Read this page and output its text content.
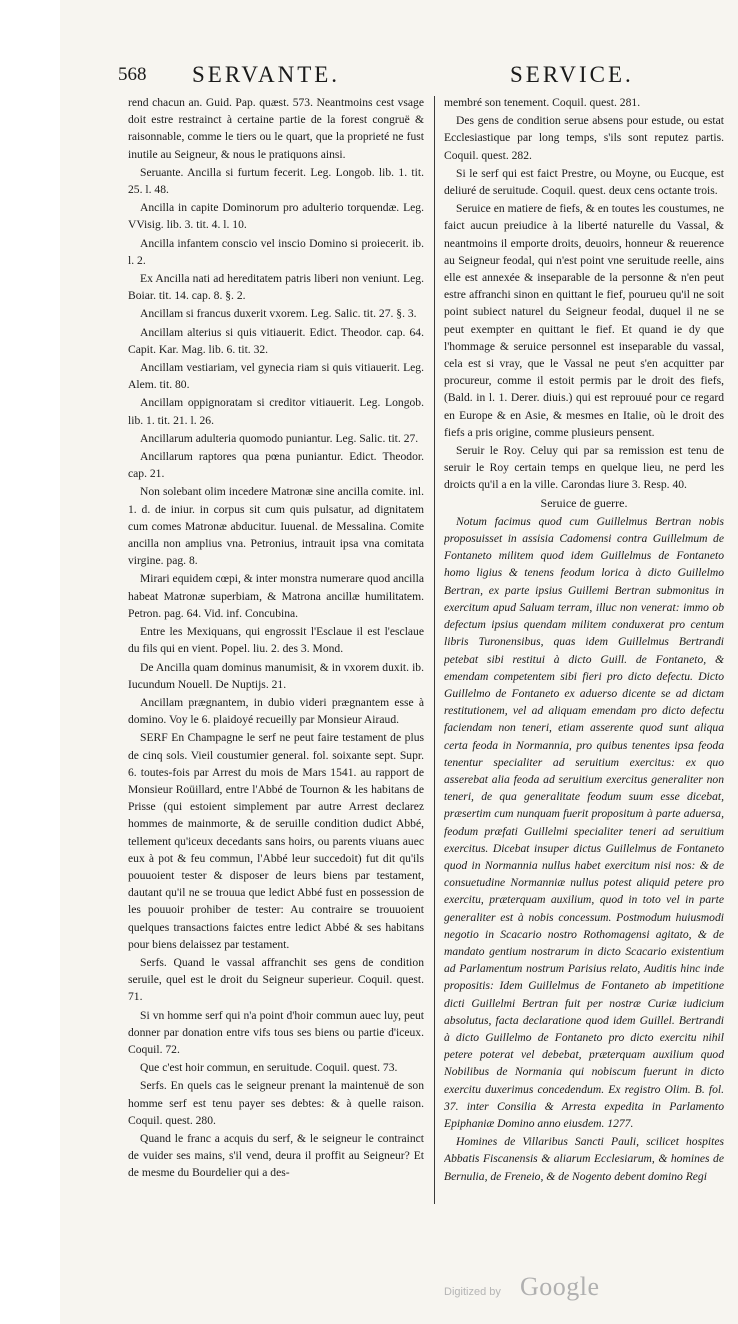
568 SERVANTE.	SERVICE.

rend chacun an. Guid. Pap. quæst. 573. Neantmoins cest vsage doit estre restrainct à certaine partie de la forest congruë & raisonnable, comme le tiers ou le quart, que la proprieté ne fust inutile au Seigneur, & nous le pratiquons ainsi.

Seruante. Ancilla si furtum fecerit. Leg. Longob. lib. 1. tit. 25. l. 48.

Ancilla in capite Dominorum pro adulterio torquendæ. Leg. VVisig. lib. 3. tit. 4. l. 10.

Ancilla infantem conscio vel inscio Domino si proiecerit. ib. l. 2.

Ex Ancilla nati ad hereditatem patris liberi non veniunt. Leg. Boiar. tit. 14. cap. 8. §. 2.

Ancillam si francus duxerit vxorem. Leg. Salic. tit. 27. §. 3.

Ancillam alterius si quis vitiauerit. Edict. Theodor. cap. 64. Capit. Kar. Mag. lib. 6. tit. 32.

Ancillam vestiariam, vel gynecia riam si quis vitiauerit. Leg. Alem. tit. 80.

Ancillam oppignoratam si creditor vitiauerit. Leg. Longob. lib. 1. tit. 21. l. 26.

Ancillarum adulteria quomodo puniantur. Leg. Salic. tit. 27.

Ancillarum raptores qua pœna puniantur. Edict. Theodor. cap. 21.

Non solebant olim incedere Matronæ sine ancilla comite. inl. 1. d. de iniur. in corpus sit cum quis pulsatur, ad dignitatem cum comes Matronæ abducitur. Iuuenal. de Messalina. Comite ancilla non amplius vna. Petronius, intrauit ipsa vna comitata virgine. pag. 8.

Mirari equidem cœpi, & inter monstra numerare quod ancilla habeat Matronæ superbiam, & Matrona ancillæ humilitatem. Petron. pag. 64. Vid. inf. Concubina.

Entre les Mexiquans, qui engrossit l'Esclaue il est l'esclaue du fils qui en vient. Popel. liu. 2. des 3. Mond.

De Ancilla quam dominus manumisit, & in vxorem duxit. ib. Iucundum Nouell. De Nuptijs. 21.

Ancillam prægnantem, in dubio videri prægnantem esse à domino. Voy le 6. plaidoyé recueilly par Monsieur Airaud.

SERF En Champagne le serf ne peut faire testament de plus de cinq sols. Vieil coustumier general. fol. soixante sept. Supr. 6. toutes-fois par Arrest du mois de Mars 1541. au rapport de Monsieur Roüillard, entre l'Abbé de Tournon & les habitans de Prisse (qui estoient simplement par autre Arrest declarez hommes de mainmorte, & de seruille condition dudict Abbé, tellement qu'iceux decedants sans hoirs, ou parents viuans auec eux à pot & feu commun, l'Abbé leur succedoit) fut dit qu'ils pouuoient tester & disposer de leurs biens par testament, dautant qu'il ne se trouua que ledict Abbé fust en possession de les pouuoir prohiber de tester: Au contraire se trouuoient quelques transactions faictes entre ledict Abbé & ses habitans pour biens delaissez par testament.

Serfs. Quand le vassal affranchit ses gens de condition seruile, quel est le droit du Seigneur superieur. Coquil. quest. 71.

Si vn homme serf qui n'a point d'hoir commun auec luy, peut donner par donation entre vifs tous ses biens ou partie d'iceux. Coquil. 72.

Que c'est hoir commun, en seruitude. Coquil. quest. 73.

Serfs. En quels cas le seigneur prenant la maintenuë de son homme serf est tenu payer ses debtes: & à quelle raison. Coquil. quest. 280.

Quand le franc a acquis du serf, & le seigneur le contrainct de vuider ses mains, s'il vend, deura il proffit au Seigneur? Et de mesme du Bourdelier qui a des-

membré son tenement. Coquil. quest. 281.

Des gens de condition serue absens pour estude, ou estat Ecclesiastique par long temps, s'ils sont reputez partis. Coquil. quest. 282.

Si le serf qui est faict Prestre, ou Moyne, ou Eucque, est deliuré de seruitude. Coquil. quest. deux cens octante trois.

Seruice en matiere de fiefs, & en toutes les coustumes, ne faict aucun preiudice à la liberté naturelle du Vassal, & neantmoins il emporte droits, deuoirs, honneur & reuerence au Seigneur feodal, qui n'est point vne seruitude reelle, ains elle est annexée & inseparable de la personne & n'en peut estre affranchi sinon en quittant le fief, pourueu qu'il ne soit point subiect naturel du Seigneur feodal, duquel il ne se peut exempter en quittant le fief. Et quand ie dy que l'hommage & seruice personnel est inseparable du vassal, cela est si vray, que le Vassal ne peut s'en acquitter par procureur, comme il estoit permis par le droit des fiefs, (Bald. in l. 1. Derer. diuis.) qui est reprouué pour ce regard en Europe & en Asie, & mesmes en Italie, où le droit des fiefs a pris origine, comme plusieurs pensent.

Seruir le Roy. Celuy qui par sa remission est tenu de seruir le Roy certain temps en quelque lieu, ne perd les droicts qu'il a en la ville. Carondas liure 3. Resp. 40.

Seruice de guerre.

Notum facimus quod cum Guillelmus Bertran nobis proposuisset in assisia Cadomensi contra Guillelmum de Fontaneto militem quod idem Guillelmus de Fontaneto homo ligius & tenens feodum lorica à dicto Guillelmo Bertran, ex parte ipsius Guillemi Bertran submonitus in exercitum apud Saluam terram, illuc non venerat: immo ob defectum ipsius quendam militem conduxerat pro centum libris Turonensibus, quas idem Guillelmus Bertrandi petebat sibi restitui à dicto Guill. de Fontaneto, & emendam competentem sibi fieri pro dicto defectu. Dicto Guillelmo de Fontaneto ex aduerso dicente se ad dictam restitutionem, vel ad aliquam emendam pro dicto defectu faciendam non teneri, etiam asserente quod sunt aliqua certa feoda in Normannia, pro quibus tenentes ipsa feoda tenentur specialiter ad seruitium exercitus: ex quo asserebat alia feoda ad seruitium exercitus generaliter non teneri, de qua generalitate feodum suum esse dicebat, præsertim cum nunquam fuerit propositum à parte aduersa, feodum præfati Guillelmi specialiter teneri ad seruitium exercitus. Dicebat insuper dictus Guillelmus de Fontaneto quod in Normannia nullus habet exercitum nisi nos: & de consuetudine Normanniæ nullus potest aliquid petere pro exercitu, præterquam auxilium, quod in toto vel in parte generaliter est à nobis concessum. Postmodum huiusmodi negotio in Scacario nostro Rothomagensi agitato, & de mandato gentium nostrarum in dicto Scacario existentium ad Parlamentum nostrum Parisius relato, Auditis hinc inde propositis: Idem Guillelmus de Fontaneto ab impetitione dicti Guillelmi Bertran fuit per nostræ Curiæ iudicium absolutus, facta declaratione quod idem Guillel. Bertrandi à dicto Guillelmo de Fontaneto pro dicto exercitu nihil petere poterat vel debebat, præterquam auxilium quod Nobilibus de Normania qui nobiscum fuerunt in dicto exercitu duxerimus concedendum. Ex registro Olim. B. fol. 37. inter Consilia & Arresta expedita in Parlamento Epiphaniæ Domino anno eiusdem. 1277.

Homines de Villaribus Sancti Pauli, scilicet hospites Abbatis Fiscanensis & aliarum Ecclesiarum, & homines de Bernulia, de Freneio, & de Nogento debent domino Regi

Digitized by Google
